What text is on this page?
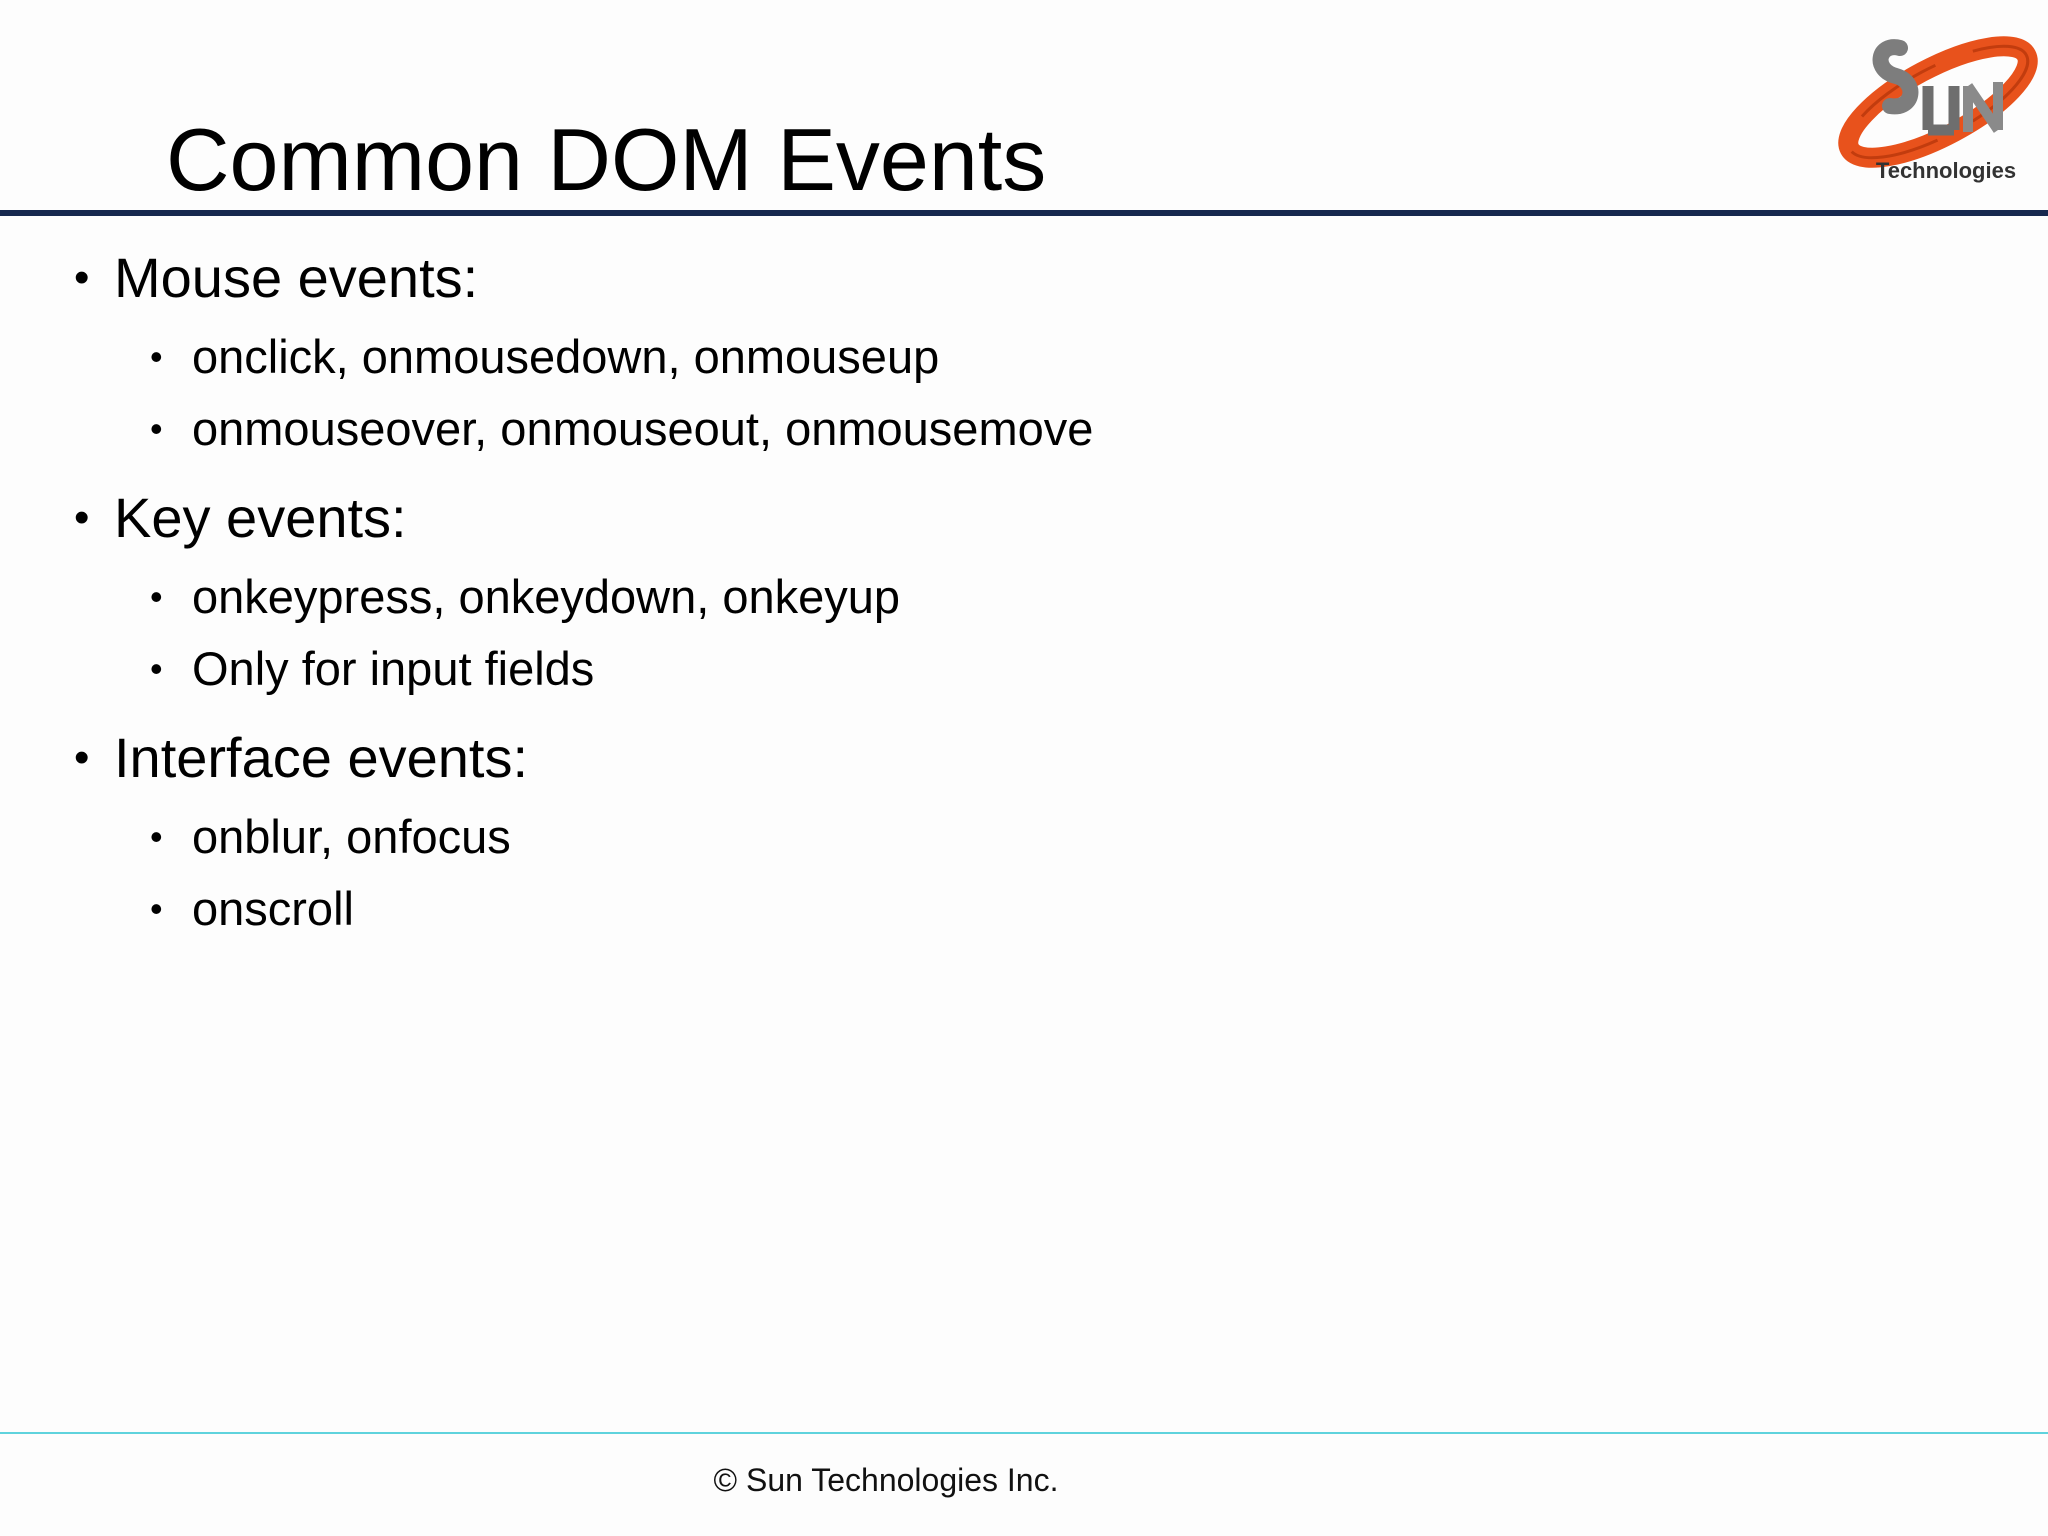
Common DOM Events	Technologies
• Mouse events:
• onclick, onmousedown, onmouseup
• onmouseover, onmouseout, onmousemove
• Key events:
• onkeypress, onkeydown, onkeyup
• Only for input fields
• Interface events:
• onblur, onfocus
• onscroll
© Sun Technologies Inc.
